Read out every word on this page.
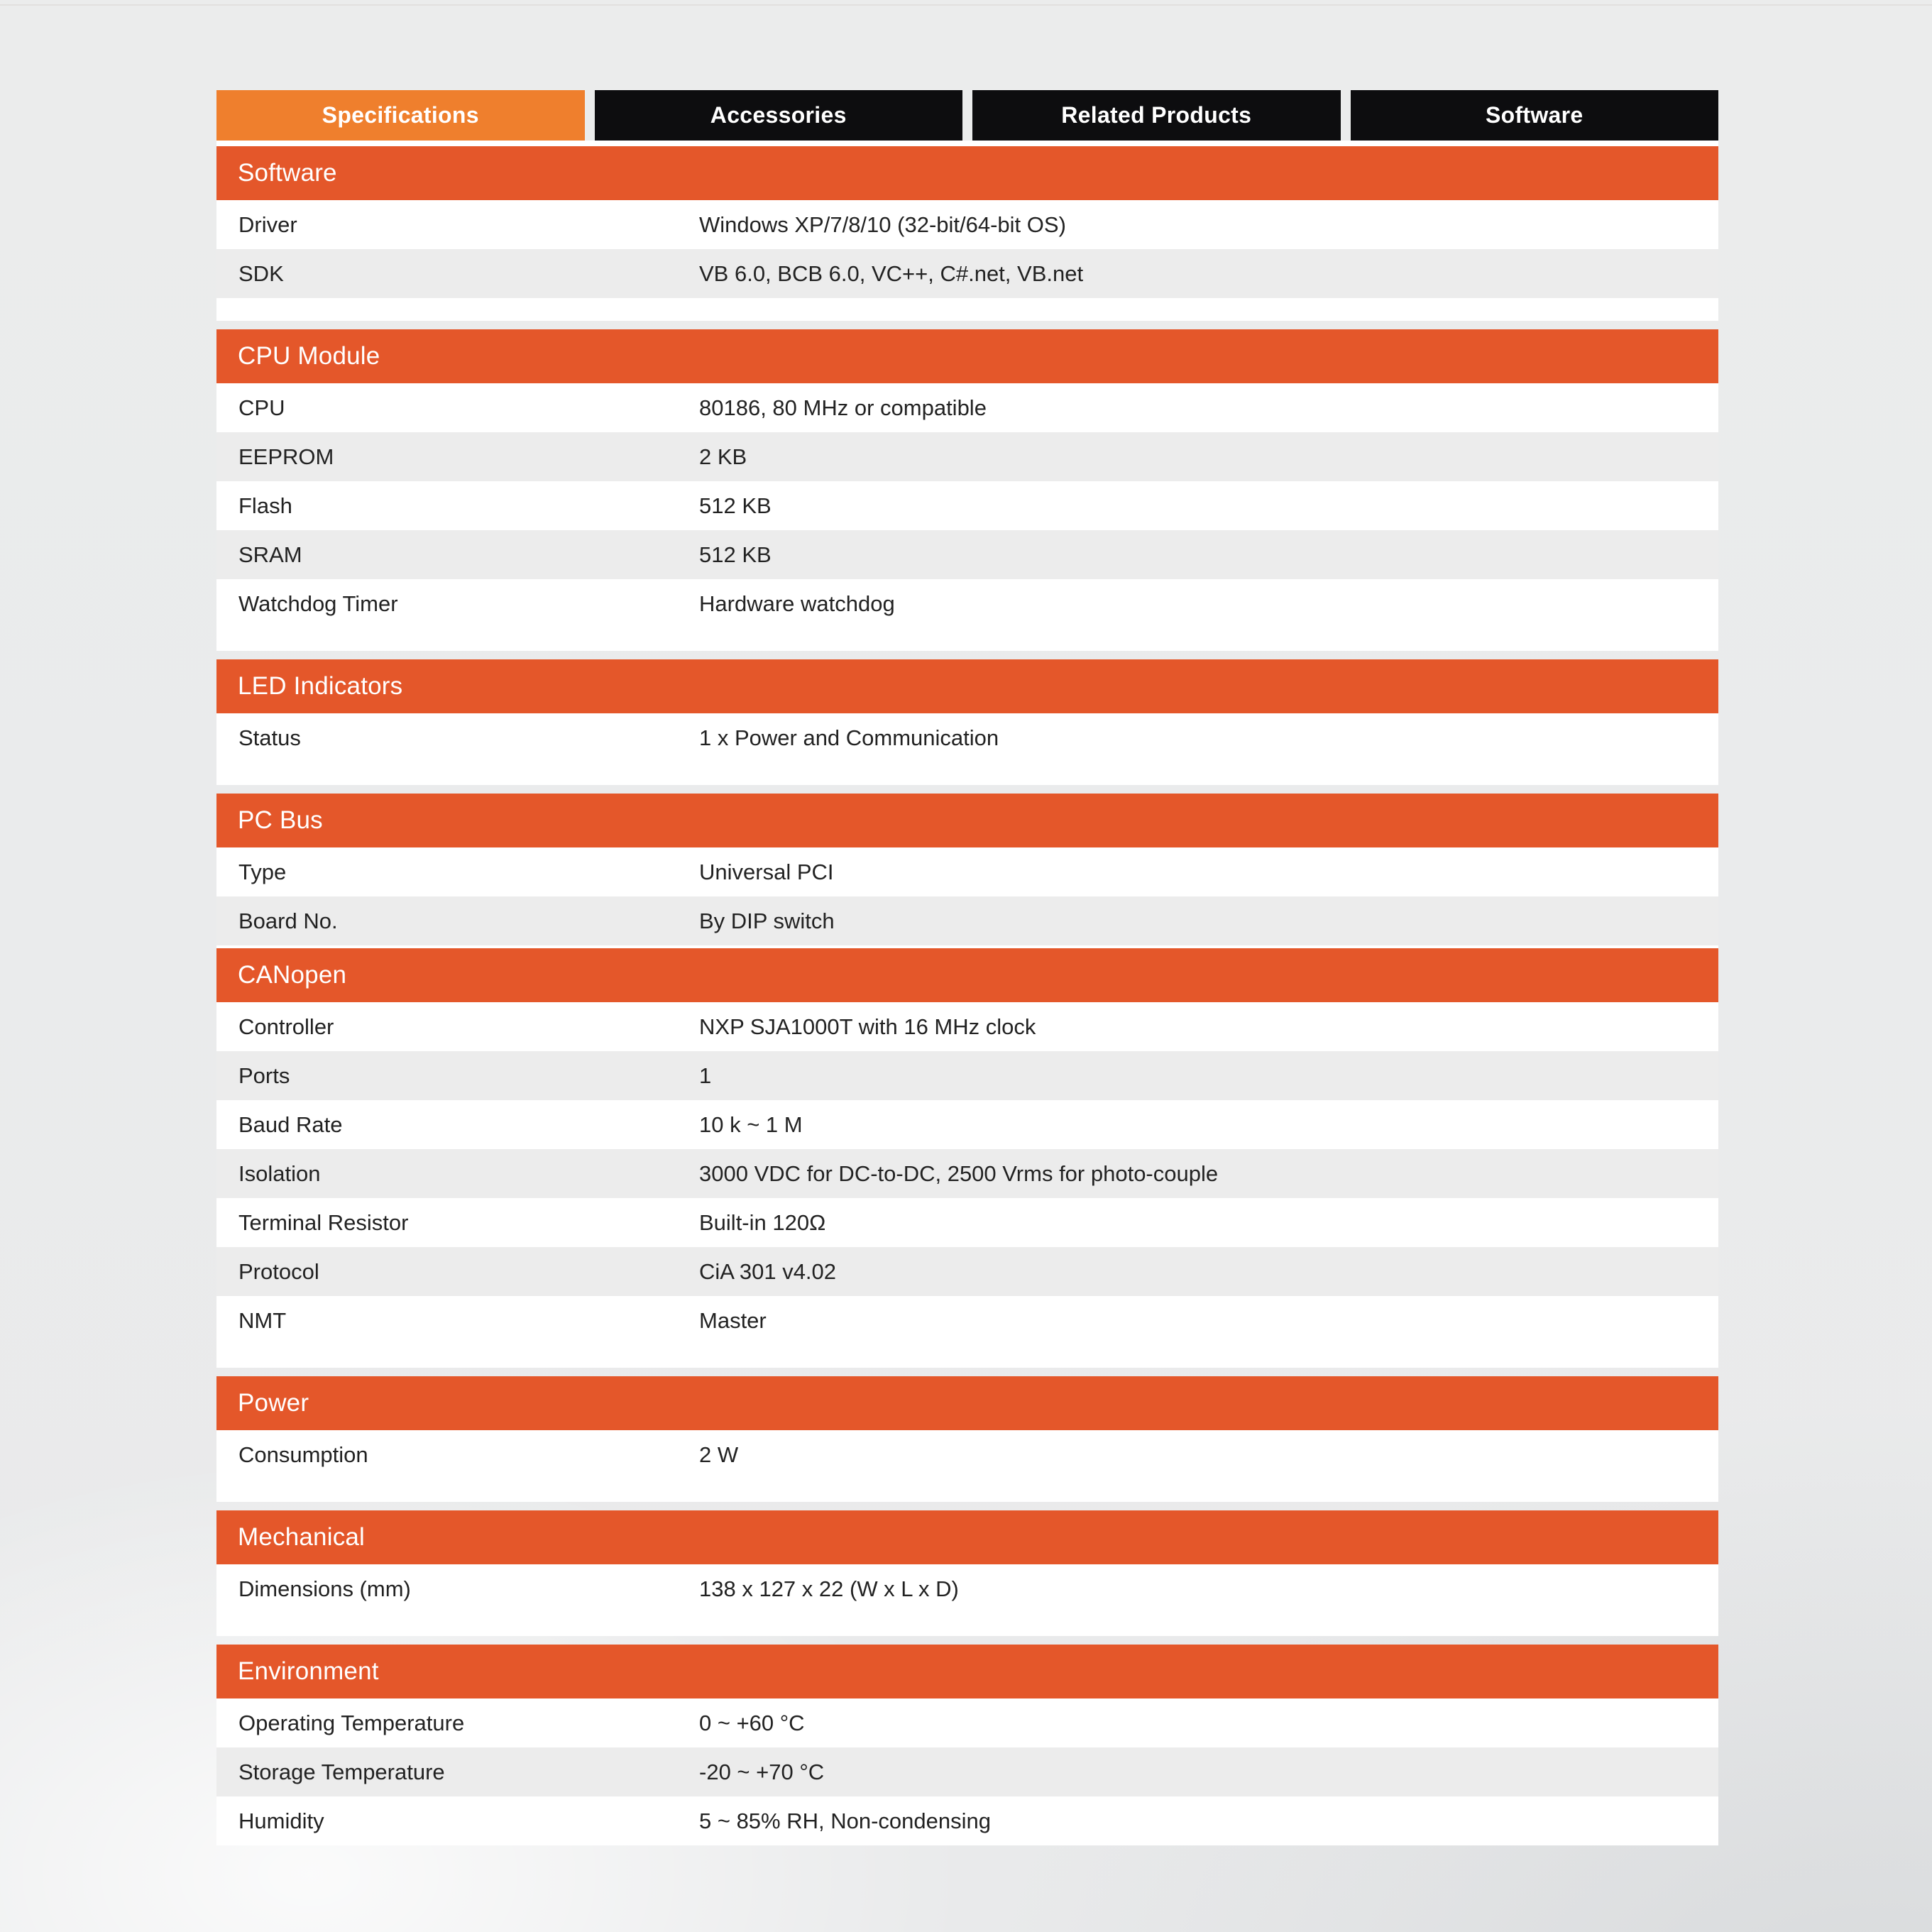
Specifications	Accessories	Related Products	Software
Software
Driver	Windows XP/7/8/10 (32-bit/64-bit OS)
SDK	VB 6.0, BCB 6.0, VC++, C#.net, VB.net
CPU Module
CPU	80186, 80 MHz or compatible
EEPROM	2 KB
Flash	512 KB
SRAM	512 KB
Watchdog Timer	Hardware watchdog
LED Indicators
Status	1 x Power and Communication
PC Bus
Type	Universal PCI
Board No.	By DIP switch
CANopen
Controller	NXP SJA1000T with 16 MHz clock
Ports	1
Baud Rate	10 k ~ 1 M
Isolation	3000 VDC for DC-to-DC, 2500 Vrms for photo-couple
Terminal Resistor	Built-in 120Ω
Protocol	CiA 301 v4.02
NMT	Master
Power
Consumption	2 W
Mechanical
Dimensions (mm)	138 x 127 x 22 (W x L x D)
Environment
Operating Temperature	0 ~ +60 °C
Storage Temperature	-20 ~ +70 °C
Humidity	5 ~ 85% RH, Non-condensing
